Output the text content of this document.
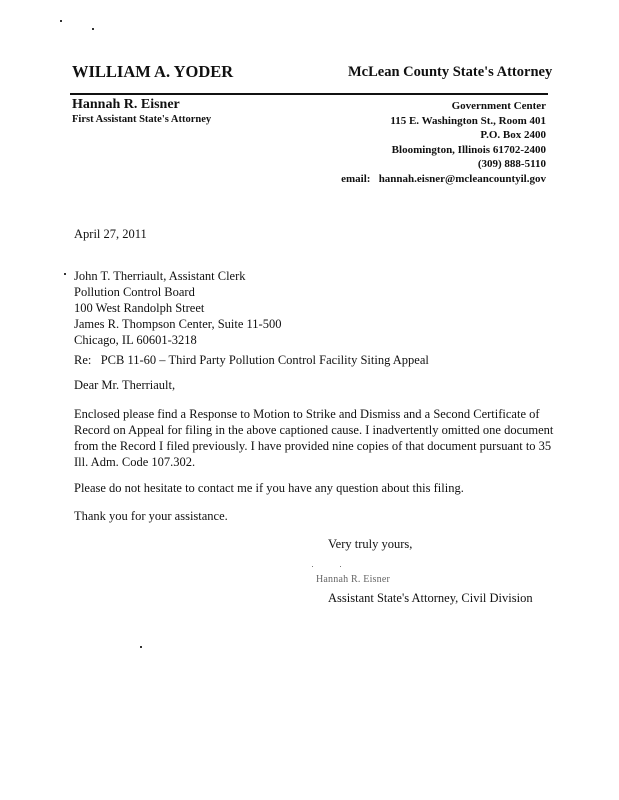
WILLIAM A. YODER	McLean County State's Attorney
Hannah R. Eisner
First Assistant State's Attorney
Government Center
115 E. Washington St., Room 401
P.O. Box 2400
Bloomington, Illinois 61702-2400
(309) 888-5110
email: hannah.eisner@mcleancountyil.gov
April 27, 2011
John T. Therriault, Assistant Clerk
Pollution Control Board
100 West Randolph Street
James R. Thompson Center, Suite 11-500
Chicago, IL 60601-3218
Re: PCB 11-60 – Third Party Pollution Control Facility Siting Appeal
Dear Mr. Therriault,
Enclosed please find a Response to Motion to Strike and Dismiss and a Second Certificate of
Record on Appeal for filing in the above captioned cause. I inadvertently omitted one document
from the Record I filed previously. I have provided nine copies of that document pursuant to 35
Ill. Adm. Code 107.302.
Please do not hesitate to contact me if you have any question about this filing.
Thank you for your assistance.
Very truly yours,
Hannah R. Eisner
Assistant State's Attorney, Civil Division
